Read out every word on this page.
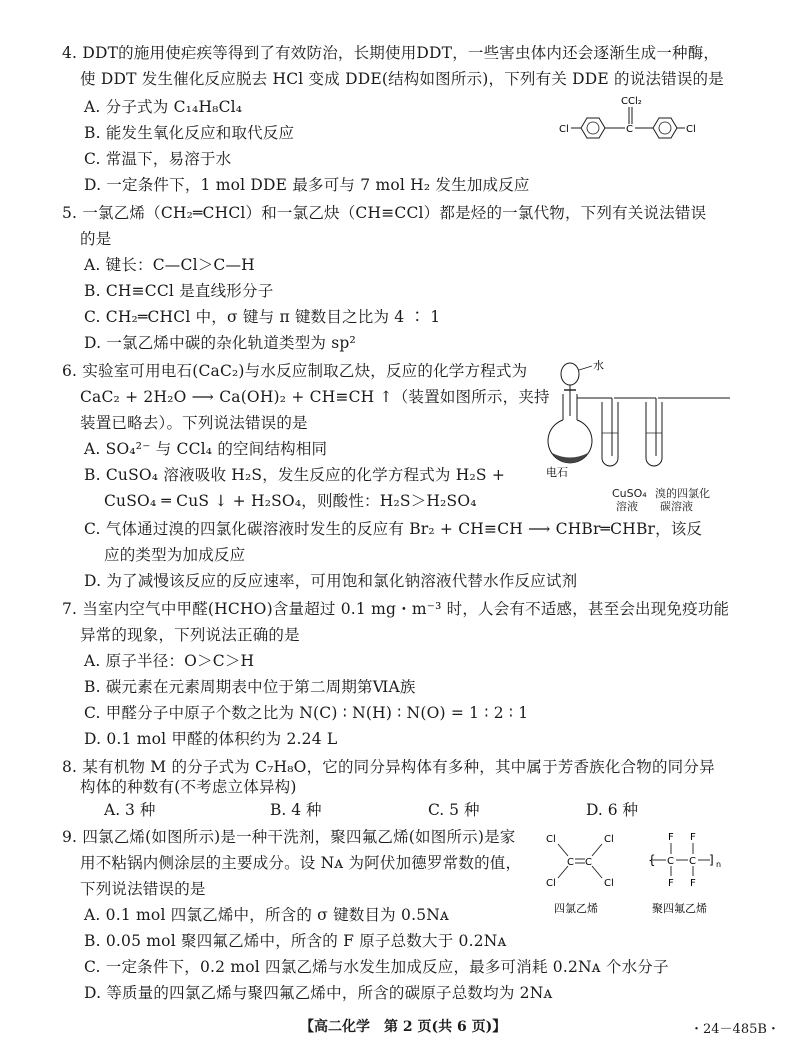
4. DDT的施用使疟疾等得到了有效防治，长期使用DDT，一些害虫体内还会逐渐生成一种酶，
使 DDT 发生催化反应脱去 HCl 变成 DDE(结构如图所示)，下列有关 DDE 的说法错误的是
A. 分子式为 C₁₄H₈Cl₄
B. 能发生氧化反应和取代反应
C. 常温下，易溶于水
D. 一定条件下，1 mol DDE 最多可与 7 mol H₂ 发生加成反应
CCl₂
Cl	C	Cl
5. 一氯乙烯（CH₂═CHCl）和一氯乙炔（CH≡CCl）都是烃的一氯代物，下列有关说法错误
的是
A. 键长：C—Cl＞C—H
B. CH≡CCl 是直线形分子
C. CH₂═CHCl 中，σ 键与 π 键数目之比为 4 ∶ 1
D. 一氯乙烯中碳的杂化轨道类型为 sp²
6. 实验室可用电石(CaC₂)与水反应制取乙炔，反应的化学方程式为
CaC₂ + 2H₂O ⟶ Ca(OH)₂ + CH≡CH ↑（装置如图所示，夹持
装置已略去）。下列说法错误的是
A. SO₄²⁻ 与 CCl₄ 的空间结构相同
B. CuSO₄ 溶液吸收 H₂S，发生反应的化学方程式为 H₂S +
CuSO₄ ═ CuS ↓ + H₂SO₄，则酸性：H₂S＞H₂SO₄
C. 气体通过溴的四氯化碳溶液时发生的反应有 Br₂ + CH≡CH ⟶ CHBr═CHBr，该反
应的类型为加成反应
D. 为了减慢该反应的反应速率，可用饱和氯化钠溶液代替水作反应试剂
水
电石
CuSO₄
溶液
溴的四氯化
碳溶液
7. 当室内空气中甲醛(HCHO)含量超过 0.1 mg・m⁻³ 时，人会有不适感，甚至会出现免疫功能
异常的现象，下列说法正确的是
A. 原子半径：O＞C＞H
B. 碳元素在元素周期表中位于第二周期第ⅥA族
C. 甲醛分子中原子个数之比为 N(C) ∶ N(H) ∶ N(O) = 1 ∶ 2 ∶ 1
D. 0.1 mol 甲醛的体积约为 2.24 L
8. 某有机物 M 的分子式为 C₇H₈O，它的同分异构体有多种，其中属于芳香族化合物的同分异
构体的种数有(不考虑立体异构)
A. 3 种	B. 4 种	C. 5 种	D. 6 种
9. 四氯乙烯(如图所示)是一种干洗剂，聚四氟乙烯(如图所示)是家
用不粘锅内侧涂层的主要成分。设 Nᴀ 为阿伏加德罗常数的值，
下列说法错误的是
A. 0.1 mol 四氯乙烯中，所含的 σ 键数目为 0.5Nᴀ
B. 0.05 mol 聚四氟乙烯中，所含的 F 原子总数大于 0.2Nᴀ
C. 一定条件下，0.2 mol 四氯乙烯与水发生加成反应，最多可消耗 0.2Nᴀ 个水分子
D. 等质量的四氯乙烯与聚四氟乙烯中，所含的碳原子总数均为 2Nᴀ
Cl	Cl
Cl	Cl
C C
四氯乙烯
F F
{ C C ] n
F F
聚四氟乙烯
【高二化学　第 2 页(共 6 页)】	・24－485B・
